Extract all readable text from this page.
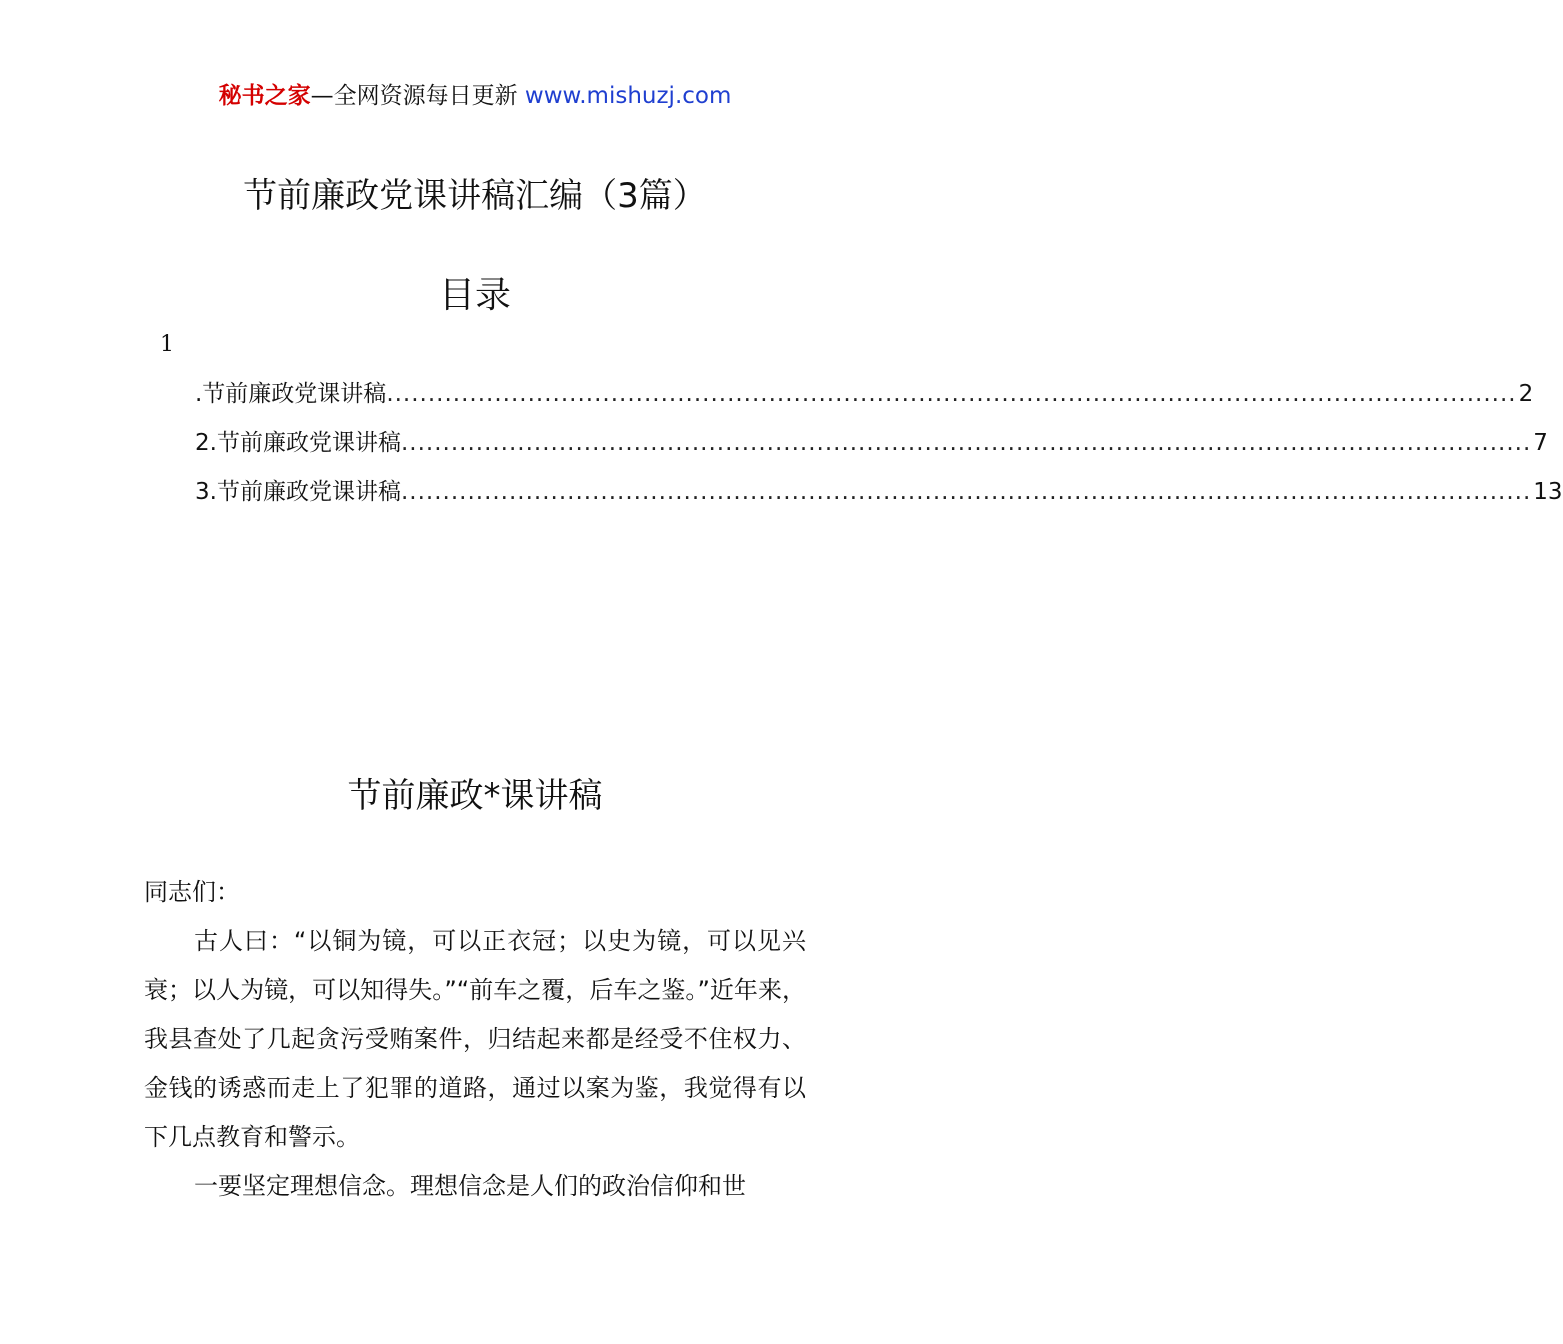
秘书之家—全网资源每日更新 www.mishuzj.com
节前廉政党课讲稿汇编（3篇）
目录
1
.节前廉政党课讲稿 ........................................................................................................................................ 2
2.节前廉政党课讲稿 ........................................................................................................................................ 7
3.节前廉政党课讲稿 ........................................................................................................................................ 13
节前廉政*课讲稿

同志们：

古人曰：“以铜为镜，可以正衣冠；以史为镜，可以见兴衰；以人为镜，可以知得失。”“前车之覆，后车之鉴。”近年来，我县查处了几起贪污受贿案件，归结起来都是经受不住权力、金钱的诱惑而走上了犯罪的道路，通过以案为鉴，我觉得有以下几点教育和警示。

一要坚定理想信念。理想信念是人们的政治信仰和世
